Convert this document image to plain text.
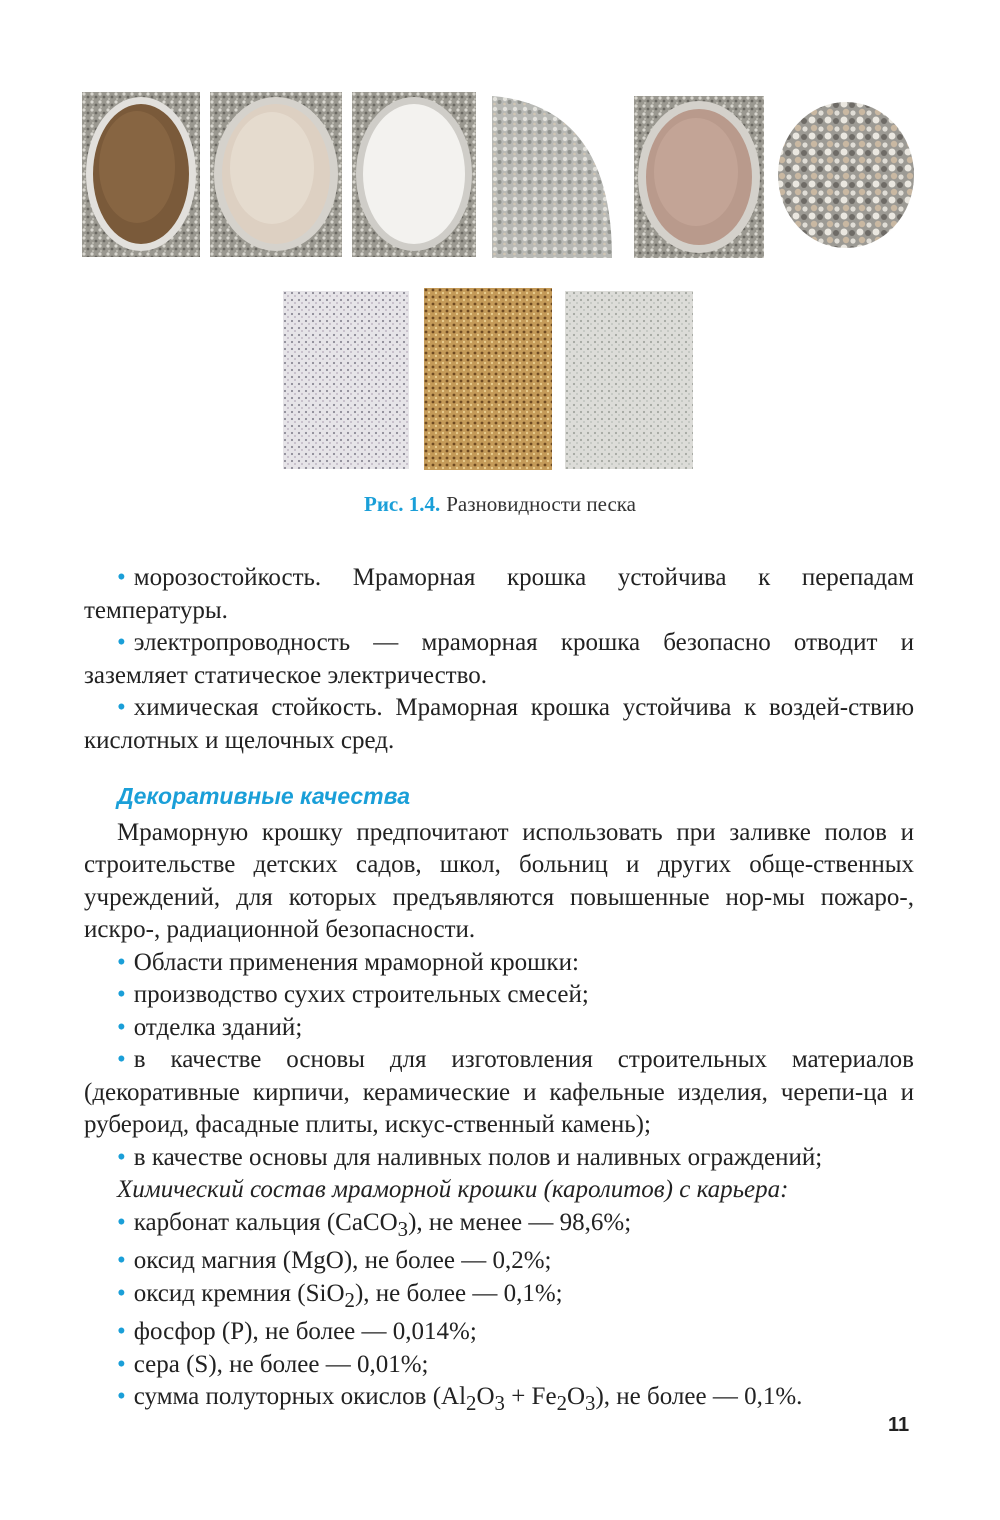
Рис. 1.4. Разновидности песка

• морозостойкость. Мраморная крошка устойчива к перепадам температуры.

• электропроводность — мраморная крошка безопасно отводит и заземляет статическое электричество.

• химическая стойкость. Мраморная крошка устойчива к воздей-ствию кислотных и щелочных сред.

Декоративные качества

Мраморную крошку предпочитают использовать при заливке полов и строительстве детских садов, школ, больниц и других обще-ственных учреждений, для которых предъявляются повышенные нор-мы пожаро-, искро-, радиационной безопасности.

• Области применения мраморной крошки:

• производство сухих строительных смесей;

• отделка зданий;

• в качестве основы для изготовления строительных материалов (декоративные кирпичи, керамические и кафельные изделия, черепи-ца и рубероид, фасадные плиты, искус-ственный камень);

• в качестве основы для наливных полов и наливных ограждений;

Химический состав мраморной крошки (каролитов) с карьера:

• карбонат кальция (CaCO$_3$), не менее — 98,6%;

• оксид магния (MgO), не более — 0,2%;

• оксид кремния (SiO$_2$), не более — 0,1%;

• фосфор (P), не более — 0,014%;

• сера (S), не более — 0,01%;

• сумма полуторных окислов $(Al_2O_3 + Fe_2O_3)$, не более — 0,1%.

11
